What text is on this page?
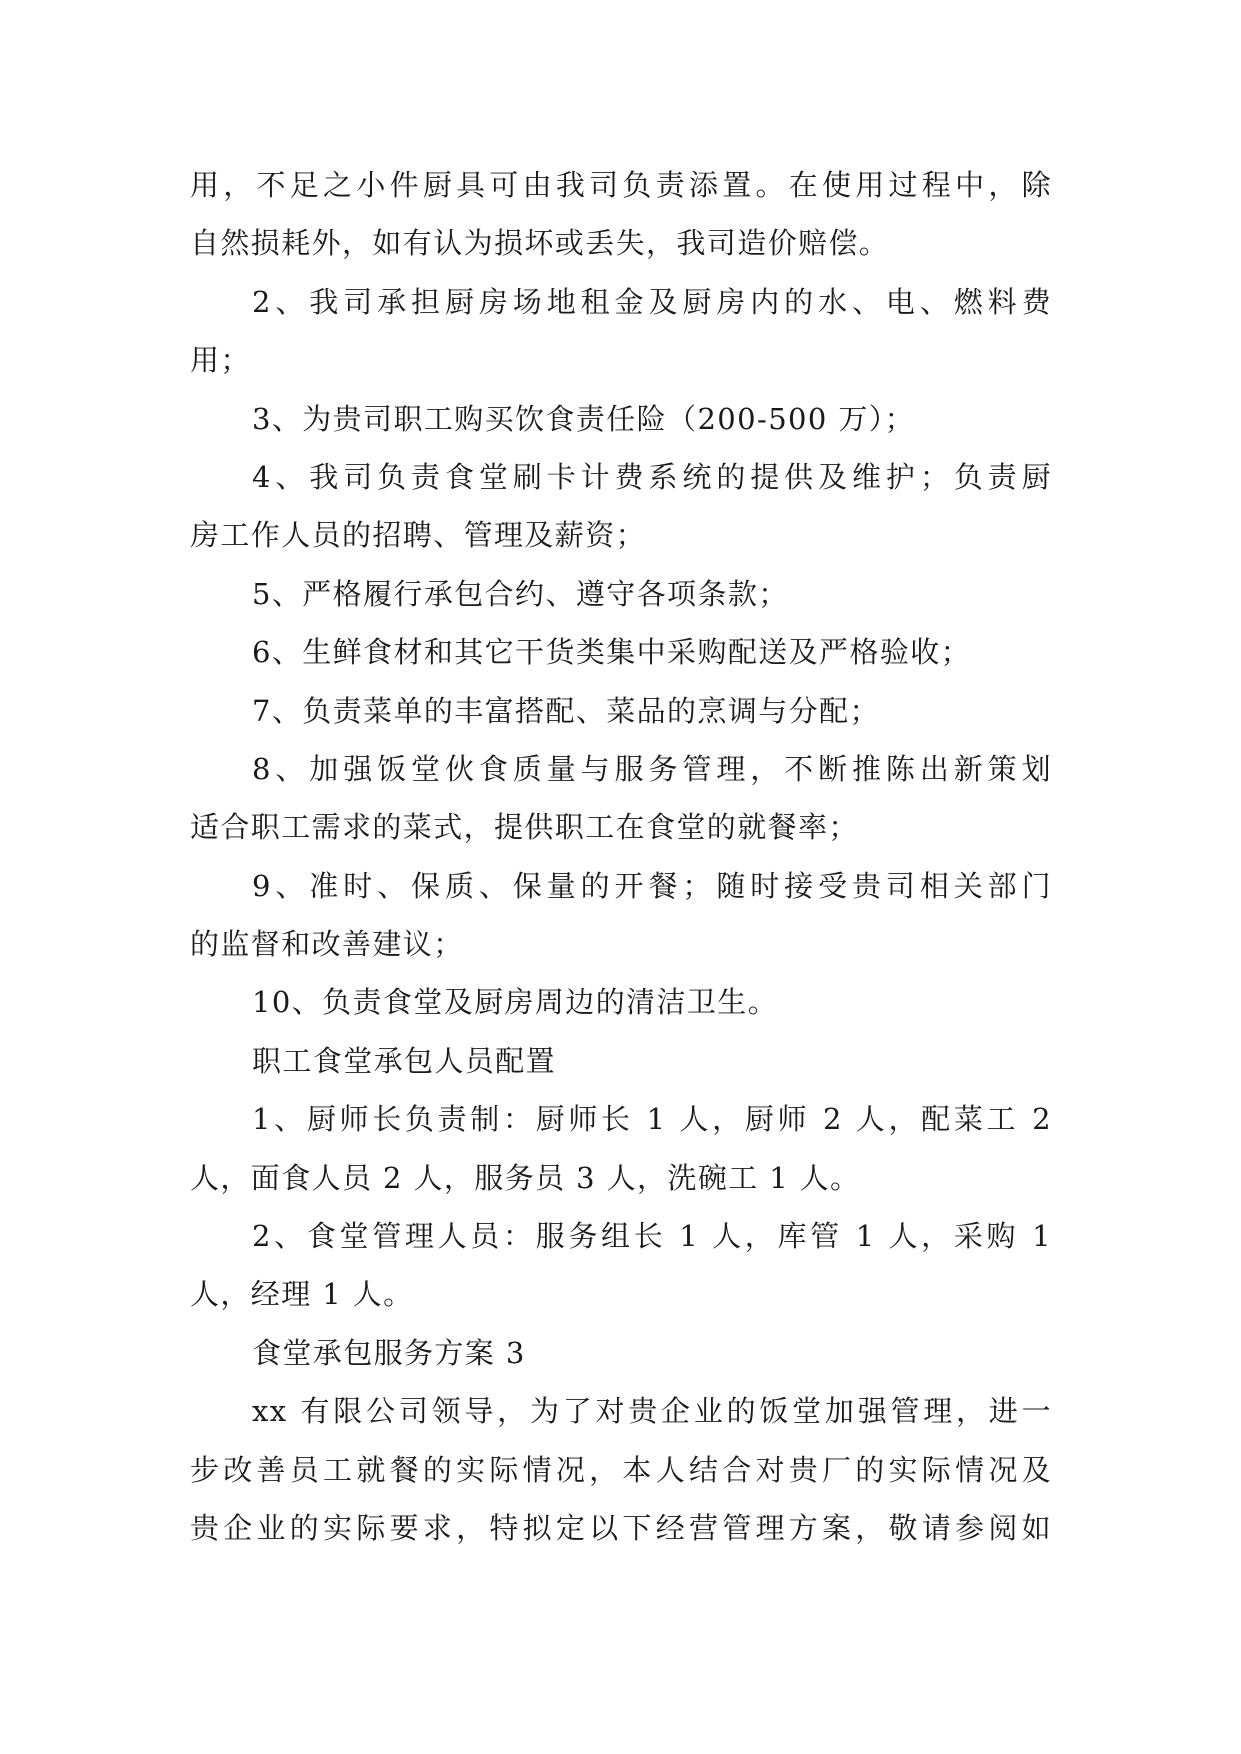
用，不足之小件厨具可由我司负责添置。在使用过程中，除
自然损耗外，如有认为损坏或丢失，我司造价赔偿。
2、我司承担厨房场地租金及厨房内的水、电、燃料费
用；
3、为贵司职工购买饮食责任险（200-500 万）；
4、我司负责食堂刷卡计费系统的提供及维护；负责厨
房工作人员的招聘、管理及薪资；
5、严格履行承包合约、遵守各项条款；
6、生鲜食材和其它干货类集中采购配送及严格验收；
7、负责菜单的丰富搭配、菜品的烹调与分配；
8、加强饭堂伙食质量与服务管理，不断推陈出新策划
适合职工需求的菜式，提供职工在食堂的就餐率；
9、准时、保质、保量的开餐；随时接受贵司相关部门
的监督和改善建议；
10、负责食堂及厨房周边的清洁卫生。
职工食堂承包人员配置
1、厨师长负责制：厨师长 1 人，厨师 2 人，配菜工 2
人，面食人员 2 人，服务员 3 人，洗碗工 1 人。
2、食堂管理人员：服务组长 1 人，库管 1 人，采购 1
人，经理 1 人。
食堂承包服务方案 3
xx 有限公司领导，为了对贵企业的饭堂加强管理，进一
步改善员工就餐的实际情况，本人结合对贵厂的实际情况及
贵企业的实际要求，特拟定以下经营管理方案，敬请参阅如
